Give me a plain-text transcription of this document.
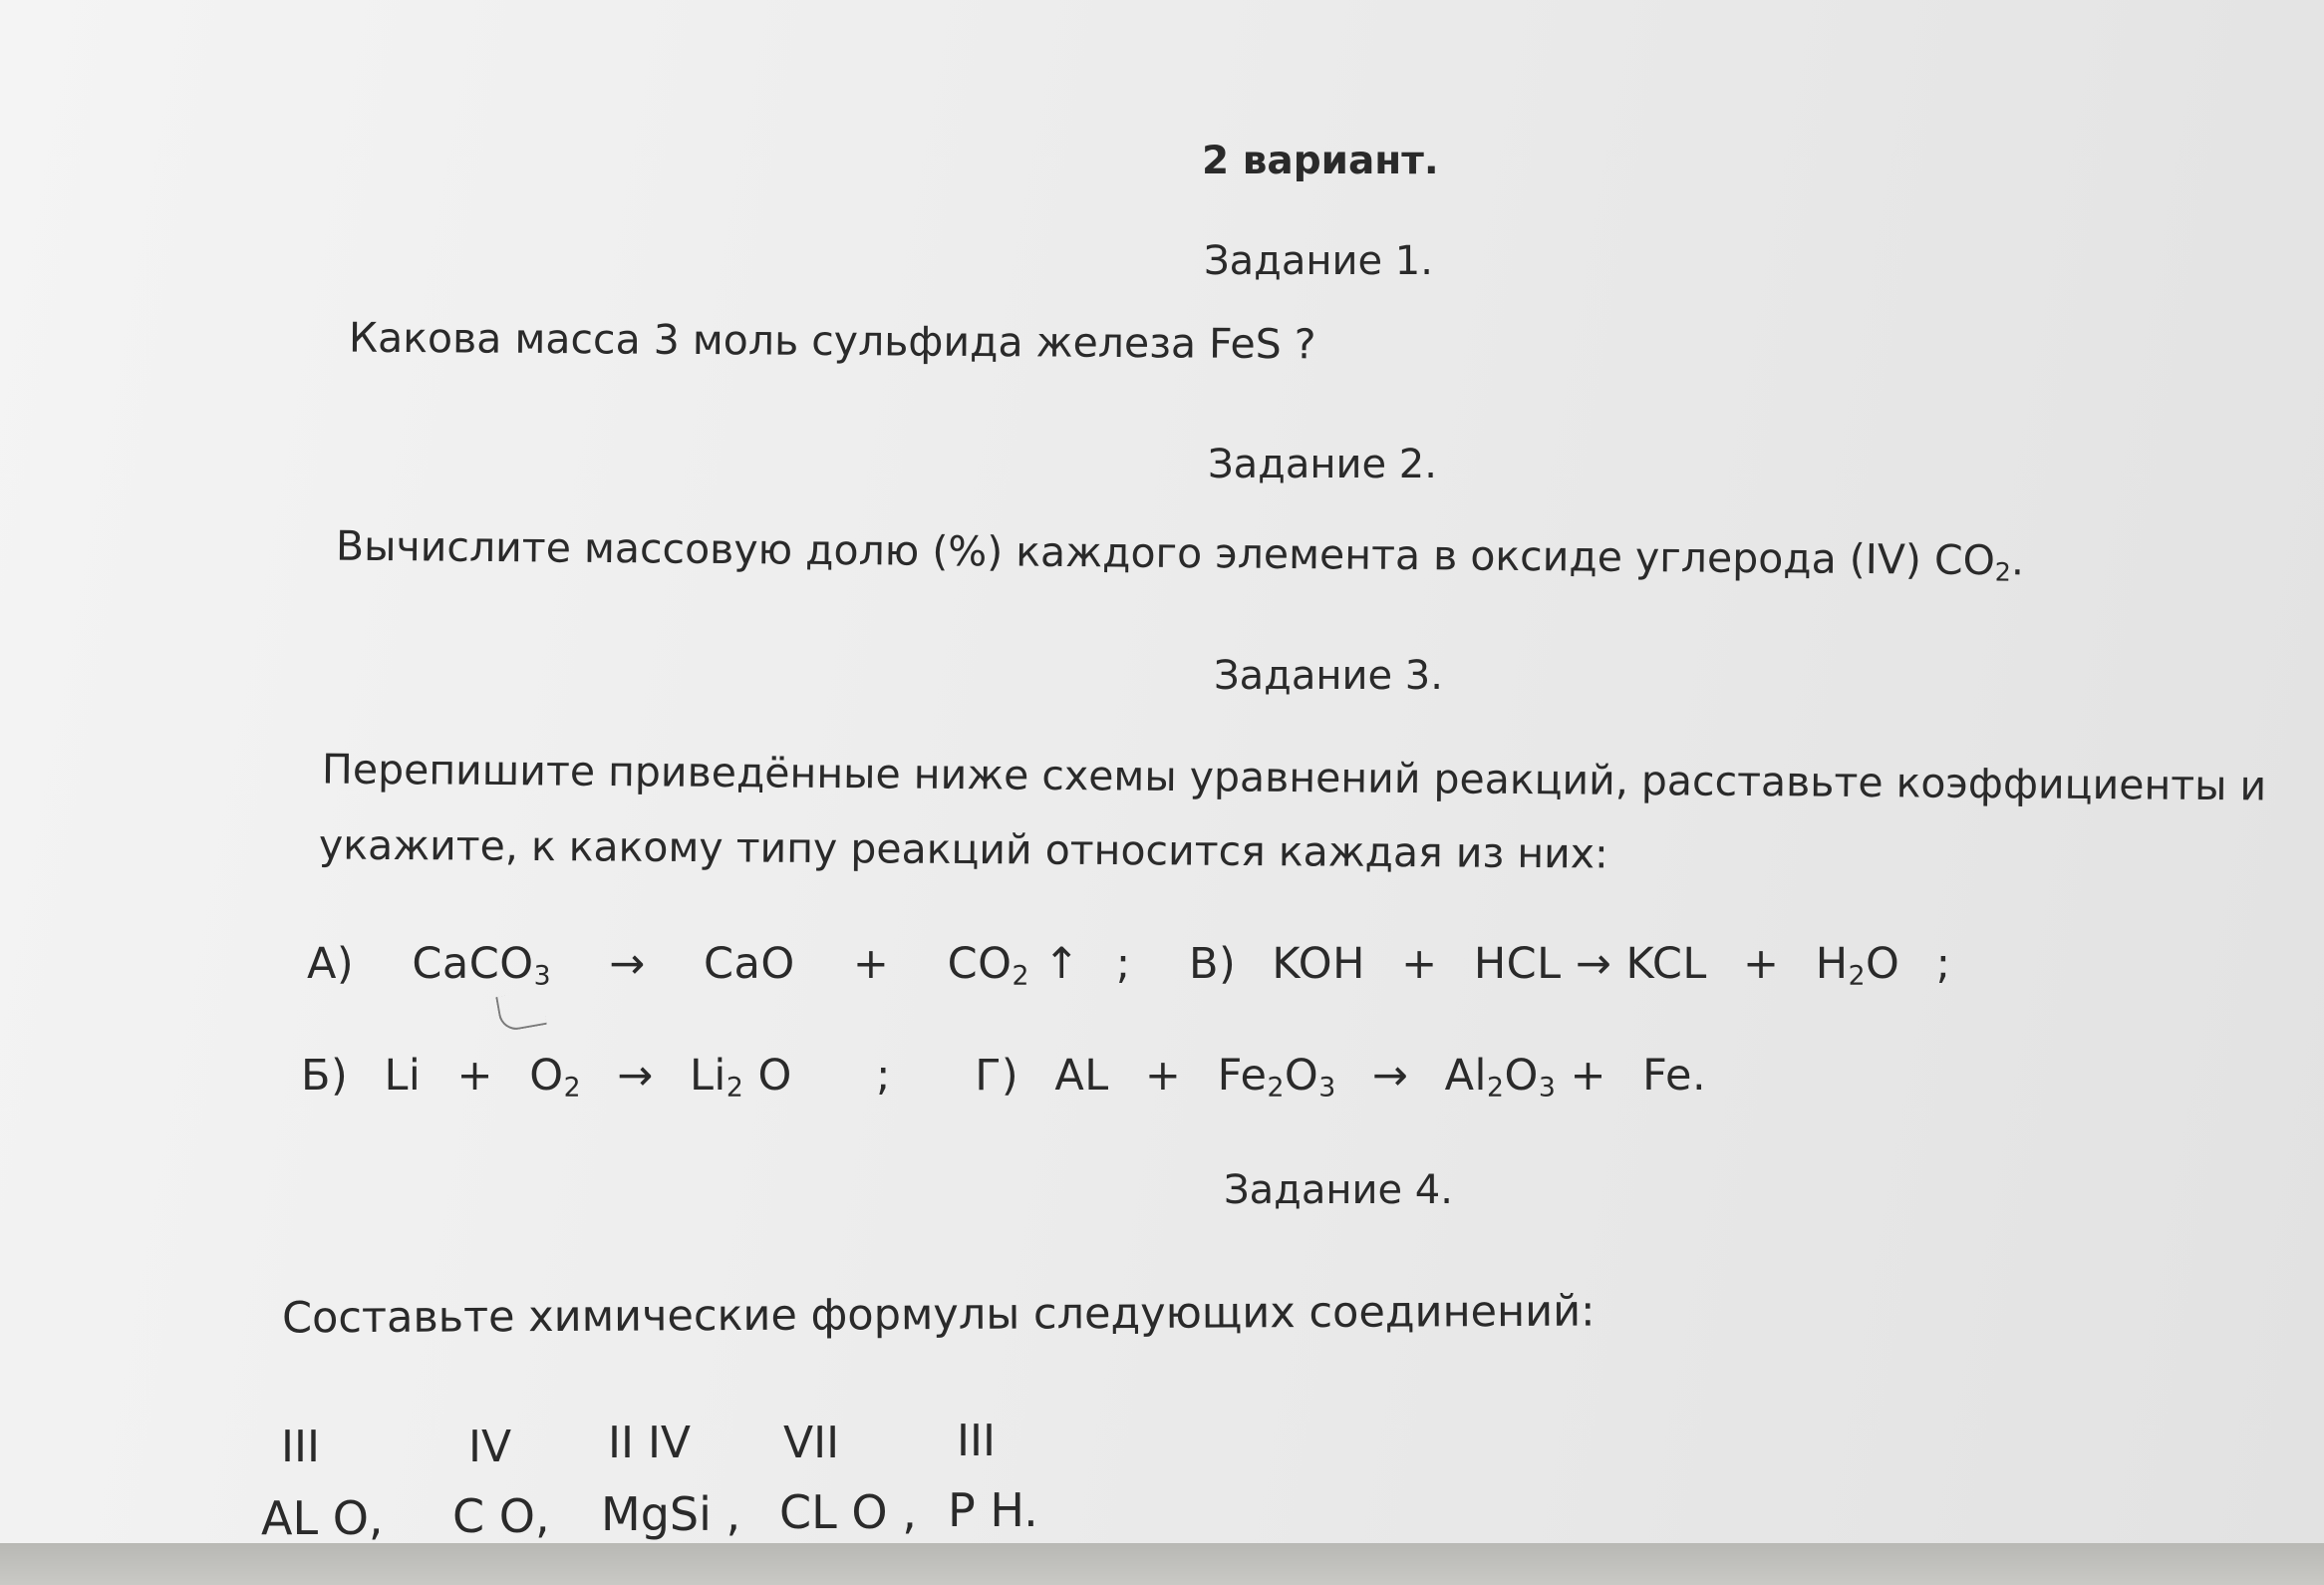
2 вариант.
Задание 1.
Какова масса 3 моль сульфида железа FeS ?
Задание 2.
Вычислите массовую долю (%) каждого элемента в оксиде углерода (IV) $CO_2$.
Задание 3.
Перепишите приведённые ниже схемы уравнений реакций, расставьте коэффициенты и
укажите, к какому типу реакций относится каждая из них:
А) CaCO$_3$ → CaO + $CO_2$ ↑ ; В) KOH + HCL → KCL + $H_2O$ ;
Б) $Li + O_2 \to Li_2$ O ; Г) AL + $Fe_2O_3 \to Al_2O_3 + Fe$.
Задание 4.
Составьте химические формулы следующих соединений:
III	IV II IV VII	III
AL O, C O, MgSi , CL O , P H.
